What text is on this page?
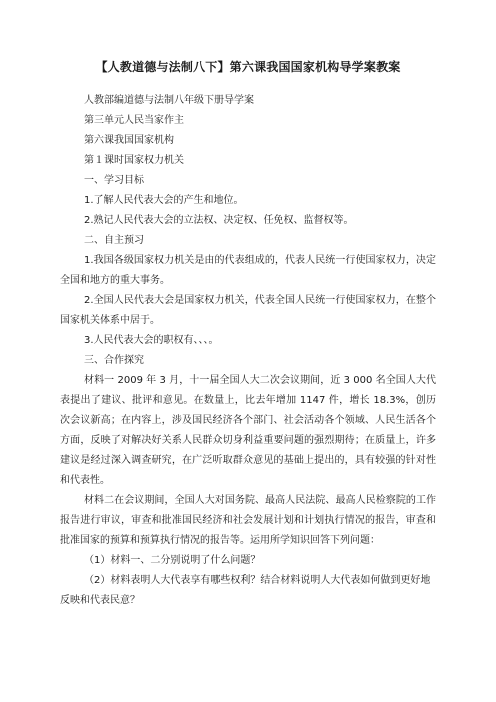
【人教道德与法制八下】第六课我国国家机构导学案教案

人教部编道德与法制八年级下册导学案

第三单元人民当家作主

第六课我国国家机构

第１课时国家权力机关

一、学习目标

1.了解人民代表大会的产生和地位。

2.熟记人民代表大会的立法权、决定权、任免权、监督权等。

二、自主预习

1.我国各级国家权力机关是由的代表组成的，代表人民统一行使国家权力，决定全国和地方的重大事务。

2.全国人民代表大会是国家权力机关，代表全国人民统一行使国家权力，在整个国家机关体系中居于。

3.人民代表大会的职权有、、、。

三、合作探究

材料一 2009 年 3 月，十一届全国人大二次会议期间，近 3 000 名全国人大代表提出了建议、批评和意见。在数量上，比去年增加 1147 件，增长 18.3%，创历次会议新高；在内容上，涉及国民经济各个部门、社会活动各个领域、人民生活各个方面，反映了对解决好关系人民群众切身利益重要问题的强烈期待；在质量上，许多建议是经过深入调查研究，在广泛听取群众意见的基础上提出的，具有较强的针对性和代表性。

材料二在会议期间，全国人大对国务院、最高人民法院、最高人民检察院的工作报告进行审议，审查和批准国民经济和社会发展计划和计划执行情况的报告，审查和批准国家的预算和预算执行情况的报告等。运用所学知识回答下列问题：

（1）材料一、二分别说明了什么问题？

（2）材料表明人大代表享有哪些权利？结合材料说明人大代表如何做到更好地反映和代表民意？
